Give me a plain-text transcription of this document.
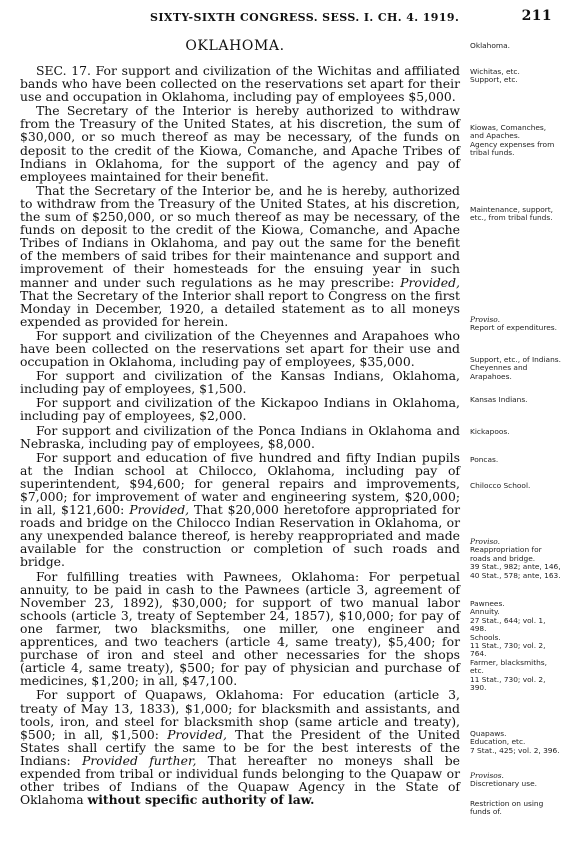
SIXTY-SIXTH CONGRESS. SESS. I. CH. 4. 1919.	211
OKLAHOMA.

SEC. 17. For support and civilization of the Wichitas and affiliated bands who have been collected on the reservations set apart for their use and occupation in Oklahoma, including pay of employees $5,000.

The Secretary of the Interior is hereby authorized to withdraw from the Treasury of the United States, at his discretion, the sum of $30,000, or so much thereof as may be necessary, of the funds on deposit to the credit of the Kiowa, Comanche, and Apache Tribes of Indians in Oklahoma, for the support of the agency and pay of employees maintained for their benefit.

That the Secretary of the Interior be, and he is hereby, authorized to withdraw from the Treasury of the United States, at his discretion, the sum of $250,000, or so much thereof as may be necessary, of the funds on deposit to the credit of the Kiowa, Comanche, and Apache Tribes of Indians in Oklahoma, and pay out the same for the benefit of the members of said tribes for their maintenance and support and improvement of their homesteads for the ensuing year in such manner and under such regulations as he may prescribe: Provided, That the Secretary of the Interior shall report to Congress on the first Monday in December, 1920, a detailed statement as to all moneys expended as provided for herein.

For support and civilization of the Cheyennes and Arapahoes who have been collected on the reservations set apart for their use and occupation in Oklahoma, including pay of employees, $35,000.

For support and civilization of the Kansas Indians, Oklahoma, including pay of employees, $1,500.

For support and civilization of the Kickapoo Indians in Oklahoma, including pay of employees, $2,000.

For support and civilization of the Ponca Indians in Oklahoma and Nebraska, including pay of employees, $8,000.

For support and education of five hundred and fifty Indian pupils at the Indian school at Chilocco, Oklahoma, including pay of superintendent, $94,600; for general repairs and improvements, $7,000; for improvement of water and engineering system, $20,000; in all, $121,600: Provided, That $20,000 heretofore appropriated for roads and bridge on the Chilocco Indian Reservation in Oklahoma, or any unexpended balance thereof, is hereby reappropriated and made available for the construction or completion of such roads and bridge.

For fulfilling treaties with Pawnees, Oklahoma: For perpetual annuity, to be paid in cash to the Pawnees (article 3, agreement of November 23, 1892), $30,000; for support of two manual labor schools (article 3, treaty of September 24, 1857), $10,000; for pay of one farmer, two blacksmiths, one miller, one engineer and apprentices, and two teachers (article 4, same treaty), $5,400; for purchase of iron and steel and other necessaries for the shops (article 4, same treaty), $500; for pay of physician and purchase of medicines, $1,200; in all, $47,100.

For support of Quapaws, Oklahoma: For education (article 3, treaty of May 13, 1833), $1,000; for blacksmith and assistants, and tools, iron, and steel for blacksmith shop (same article and treaty), $500; in all, $1,500: Provided, That the President of the United States shall certify the same to be for the best interests of the Indians: Provided further, That hereafter no moneys shall be expended from tribal or individual funds belonging to the Quapaw or other tribes of Indians of the Quapaw Agency in the State of Oklahoma without specific authority of law.

Oklahoma.
Wichitas, etc.
Support, etc.
Kiowas, Comanches, and Apaches.
Agency expenses from tribal funds.
Maintenance, support, etc., from tribal funds.
Proviso.
Report of expenditures.
Support, etc., of Indians.
Cheyennes and Arapahoes.
Kansas Indians.
Kickapoos.
Poncas.
Chilocco School.
Proviso.
Reappropriation for roads and bridge.
39 Stat., 982; ante, 146, 40 Stat., 578; ante, 163.
Pawnees.
Annuity.
27 Stat., 644; vol. 1, 498.
Schools.
11 Stat., 730; vol. 2, 764.
Farmer, blacksmiths, etc.
11 Stat., 730; vol. 2, 390.
Quapaws.
Education, etc.
7 Stat., 425; vol. 2, 396.
Provisos.
Discretionary use.
Restriction on using funds of.
